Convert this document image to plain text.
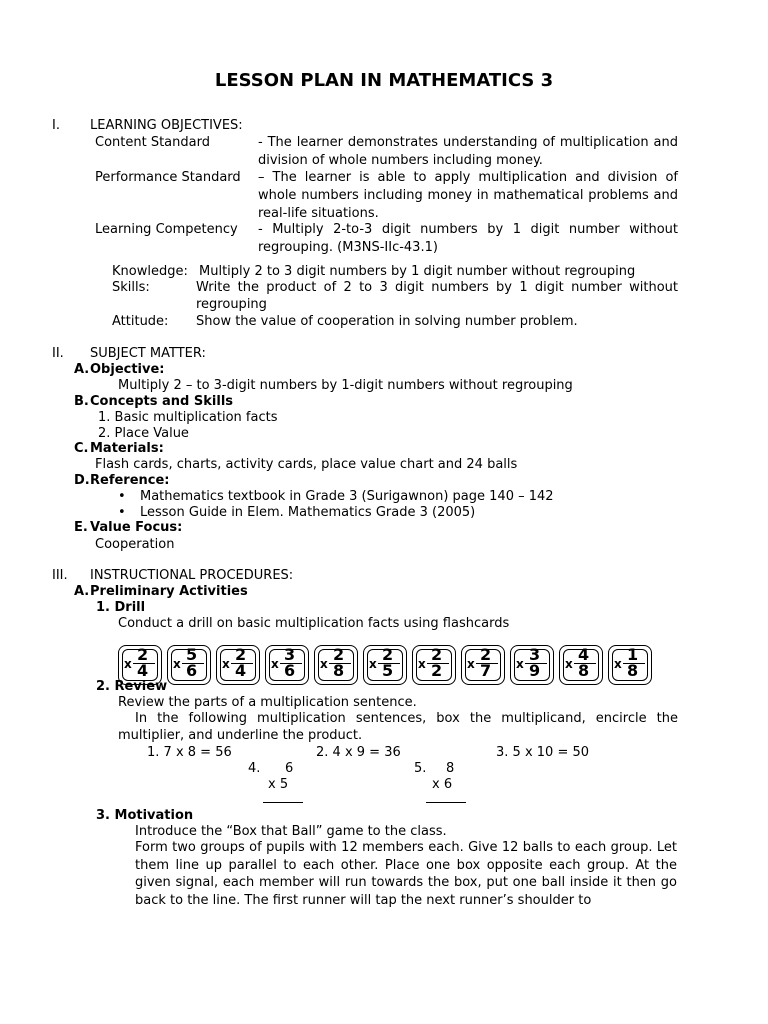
LESSON PLAN IN MATHEMATICS 3
I. LEARNING OBJECTIVES:
Content Standard	- The learner demonstrates understanding of multiplication and division of whole numbers including money.
Performance Standard – The learner is able to apply multiplication and division of whole numbers including money in mathematical problems and real-life situations.
Learning Competency - Multiply 2-to-3 digit numbers by 1 digit number without regrouping. (M3NS-IIc-43.1)
Knowledge: Multiply 2 to 3 digit numbers by 1 digit number without regrouping
Skills:	Write the product of 2 to 3 digit numbers by 1 digit number without regrouping
Attitude: Show the value of cooperation in solving number problem.
II. SUBJECT MATTER:
A. Objective:
Multiply 2 – to 3-digit numbers by 1-digit numbers without regrouping
B. Concepts and Skills
1. Basic multiplication facts
2. Place Value
C. Materials:
Flash cards, charts, activity cards, place value chart and 24 balls
D. Reference:
• Mathematics textbook in Grade 3 (Surigawnon) page 140 – 142
• Lesson Guide in Elem. Mathematics Grade 3 (2005)
E. Value Focus:
Cooperation
III. INSTRUCTIONAL PROCEDURES:
A. Preliminary Activities
1. Drill
Conduct a drill on basic multiplication facts using flashcards
x 2
4 x 5
6 x 2
4 x 3
6 x 2
8 x 2
5 x 2
2 x 2
7 x 3
9 x 4
8 x 1
8
2. Review
Review the parts of a multiplication sentence.
In the following multiplication sentences, box the multiplicand, encircle the multiplier, and underline the product.
1. 7 x 8 = 56	2. 4 x 9 = 36	3. 5 x 10 = 50
4. 6
x 5
5. 8
x 6
3. Motivation
Introduce the “Box that Ball” game to the class.
Form two groups of pupils with 12 members each. Give 12 balls to each group. Let them line up parallel to each other. Place one box opposite each group. At the given signal, each member will run towards the box, put one ball inside it then go back to the line. The first runner will tap the next runner’s shoulder to
